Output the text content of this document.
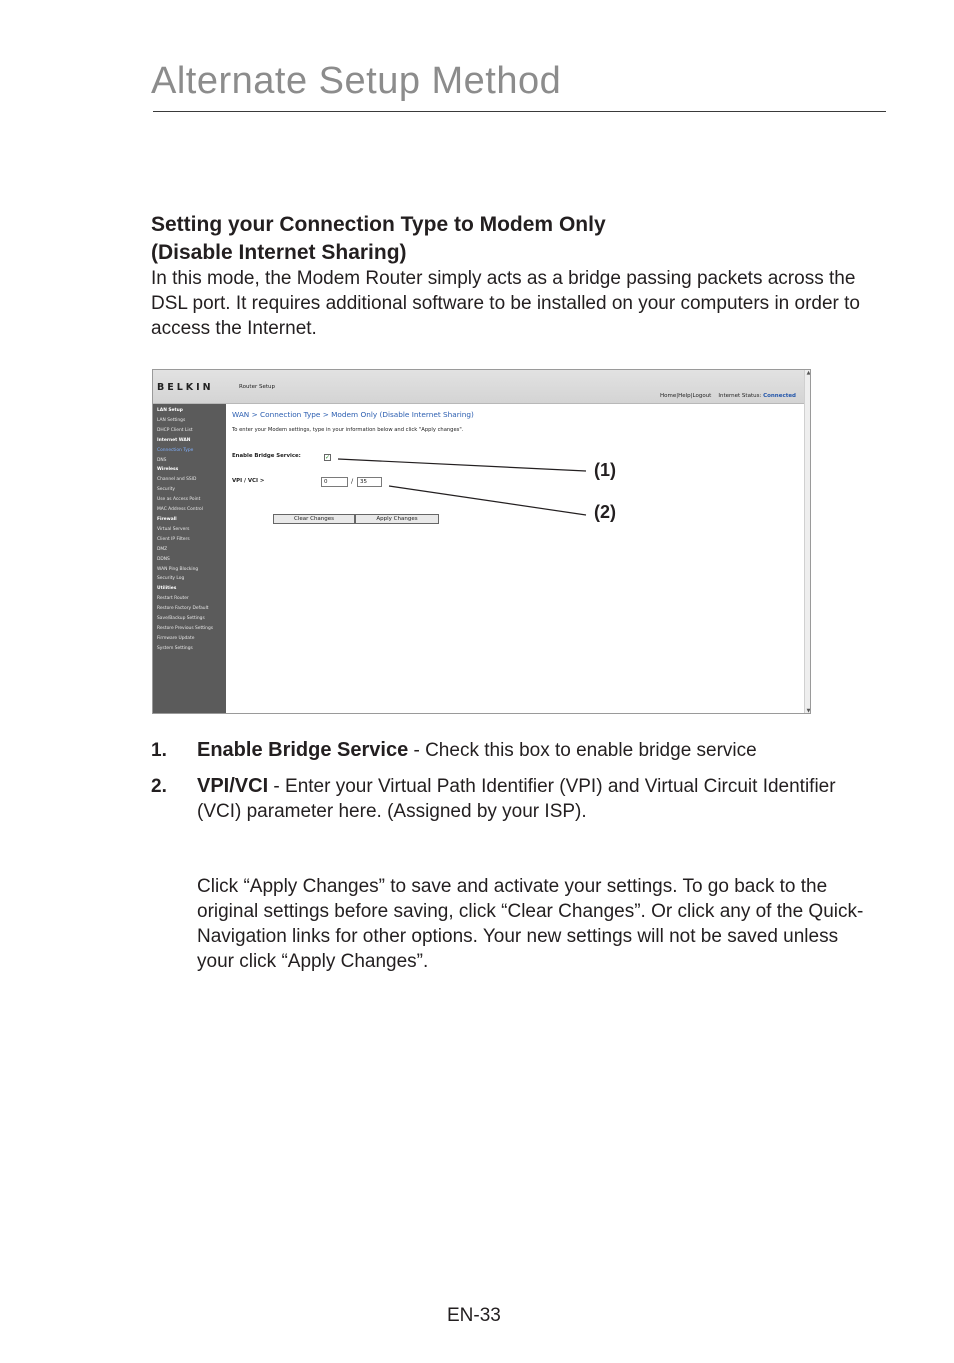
Alternate Setup Method
Setting your Connection Type to Modem Only
(Disable Internet Sharing)

In this mode, the Modem Router simply acts as a bridge passing packets across the DSL port. It requires additional software to be installed on your computers in order to access the Internet.

BELKIN	Router Setup
Home|Help|Logout Internet Status: Connected
LAN Setup
LAN Settings
DHCP Client List
Internet WAN
Connection Type
DNS
Wireless
Channel and SSID
Security
Use as Access Point
MAC Address Control
Firewall
Virtual Servers
Client IP Filters
DMZ
DDNS
WAN Ping Blocking
Security Log
Utilities
Restart Router
Restore Factory Default
Save/Backup Settings
Restore Previous Settings
Firmware Update
System Settings
▲
▼
WAN > Connection Type > Modem Only (Disable Internet Sharing)
To enter your Modem settings, type in your information below and click "Apply changes".
Enable Bridge Service:	✓
VPI / VCI >	0	/	35
Clear Changes	Apply Changes
(1)
(2)
1. Enable Bridge Service - Check this box to enable bridge service
2. VPI/VCI - Enter your Virtual Path Identifier (VPI) and Virtual Circuit Identifier (VCI) parameter here. (Assigned by your ISP).

Click “Apply Changes” to save and activate your settings. To go back to the original settings before saving, click “Clear Changes”. Or click any of the Quick-Navigation links for other options. Your new settings will not be saved unless your click “Apply Changes”.

EN-33
